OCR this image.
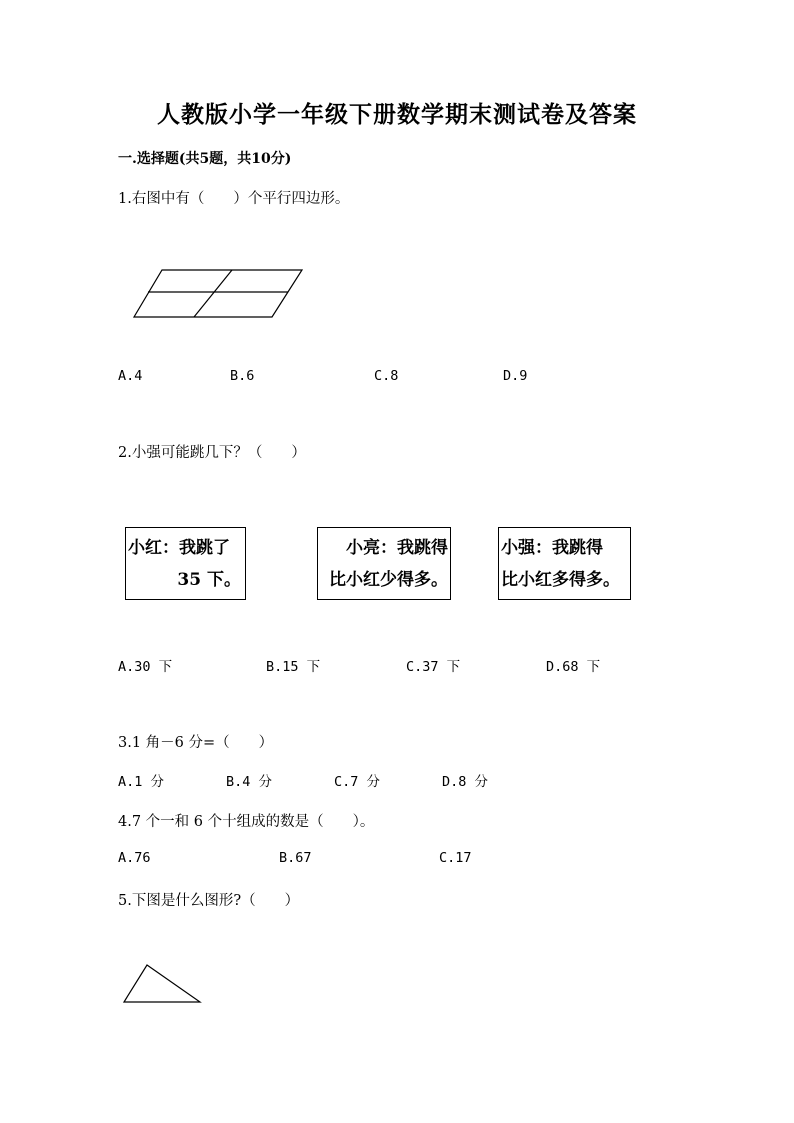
人教版小学一年级下册数学期末测试卷及答案
一.选择题(共5题，共10分)
1.右图中有（　　）个平行四边形。
A.4	B.6	C.8	D.9
2.小强可能跳几下？（　　）
小红：我跳了
35 下。
小亮：我跳得
比小红少得多。
小强：我跳得
比小红多得多。
A.30 下	B.15 下	C.37 下	D.68 下
3.1 角－6 分=（　　）
A.1 分	B.4 分	C.7 分	D.8 分
4.7 个一和 6 个十组成的数是（　　）。
A.76	B.67	C.17
5.下图是什么图形?（　　）
